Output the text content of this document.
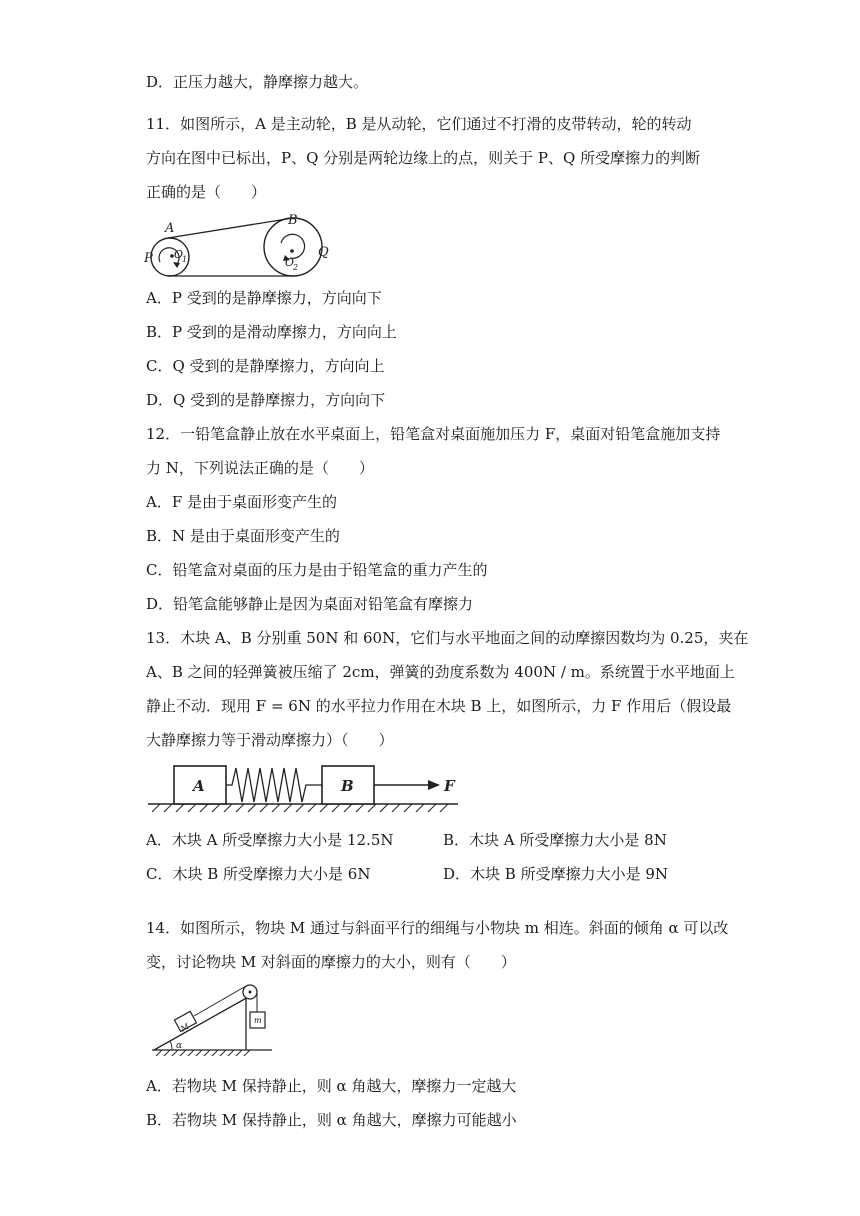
D．正压力越大，静摩擦力越大。
11．如图所示，A 是主动轮，B 是从动轮，它们通过不打滑的皮带转动，轮的转动
方向在图中已标出，P、Q 分别是两轮边缘上的点，则关于 P、Q 所受摩擦力的判断
正确的是（　　）
A
B
P	Q
O
1	O
2
A．P 受到的是静摩擦力，方向向下
B．P 受到的是滑动摩擦力，方向向上
C．Q 受到的是静摩擦力，方向向上
D．Q 受到的是静摩擦力，方向向下
12．一铅笔盒静止放在水平桌面上，铅笔盒对桌面施加压力 F，桌面对铅笔盒施加支持
力 N，下列说法正确的是（　　）
A．F 是由于桌面形变产生的
B．N 是由于桌面形变产生的
C．铅笔盒对桌面的压力是由于铅笔盒的重力产生的
D．铅笔盒能够静止是因为桌面对铅笔盒有摩擦力
13．木块 A、B 分别重 50N 和 60N，它们与水平地面之间的动摩擦因数均为 0.25，夹在
A、B 之间的轻弹簧被压缩了 2cm，弹簧的劲度系数为 400N / m。系统置于水平地面上
静止不动．现用 F = 6N 的水平拉力作用在木块 B 上，如图所示，力 F 作用后（假设最
大静摩擦力等于滑动摩擦力）（　　）
A	B	F
A．木块 A 所受摩擦力大小是 12.5N	B．木块 A 所受摩擦力大小是 8N
C．木块 B 所受摩擦力大小是 6N	D．木块 B 所受摩擦力大小是 9N
14．如图所示，物块 M 通过与斜面平行的细绳与小物块 m 相连。斜面的倾角 α 可以改
变，讨论物块 M 对斜面的摩擦力的大小，则有（　　）
M
m
α
A．若物块 M 保持静止，则 α 角越大，摩擦力一定越大
B．若物块 M 保持静止，则 α 角越大，摩擦力可能越小
